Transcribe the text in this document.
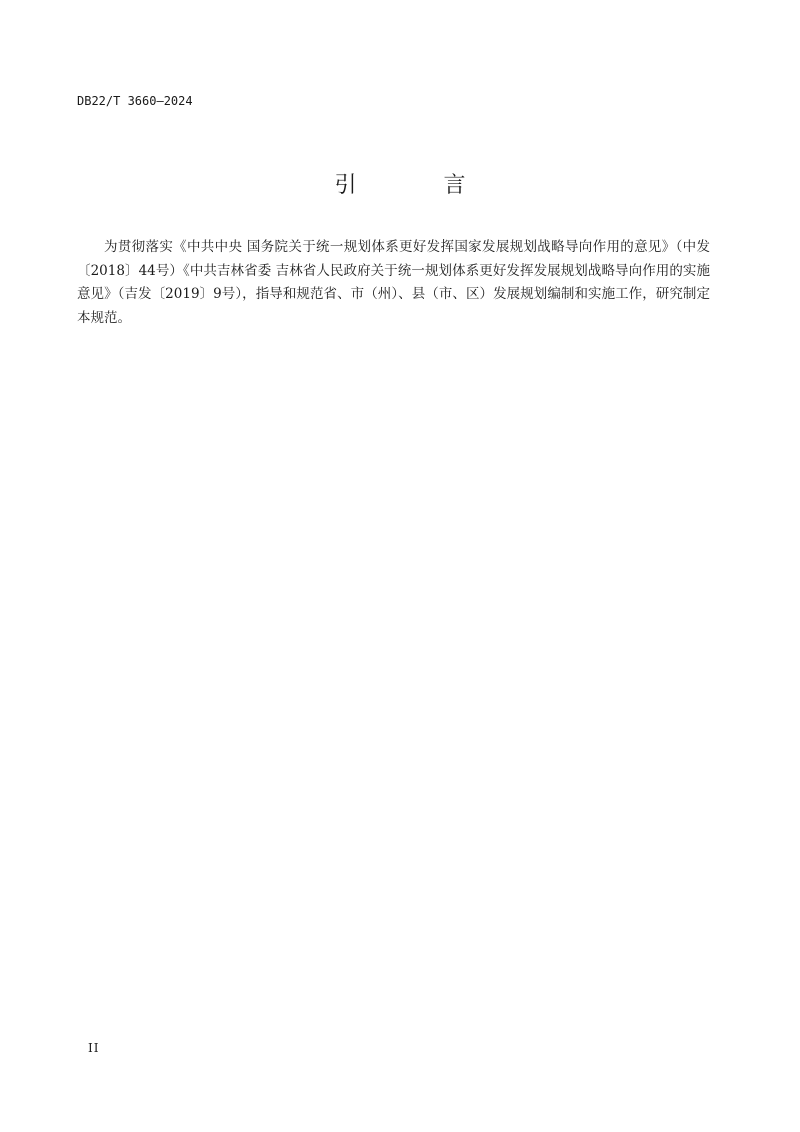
DB22/T 3660—2024
引 言

为贯彻落实《中共中央 国务院关于统一规划体系更好发挥国家发展规划战略导向作用的意见》（中发〔2018〕44号）《中共吉林省委 吉林省人民政府关于统一规划体系更好发挥发展规划战略导向作用的实施意见》（吉发〔2019〕9号），指导和规范省、市（州）、县（市、区）发展规划编制和实施工作，研究制定本规范。

II
